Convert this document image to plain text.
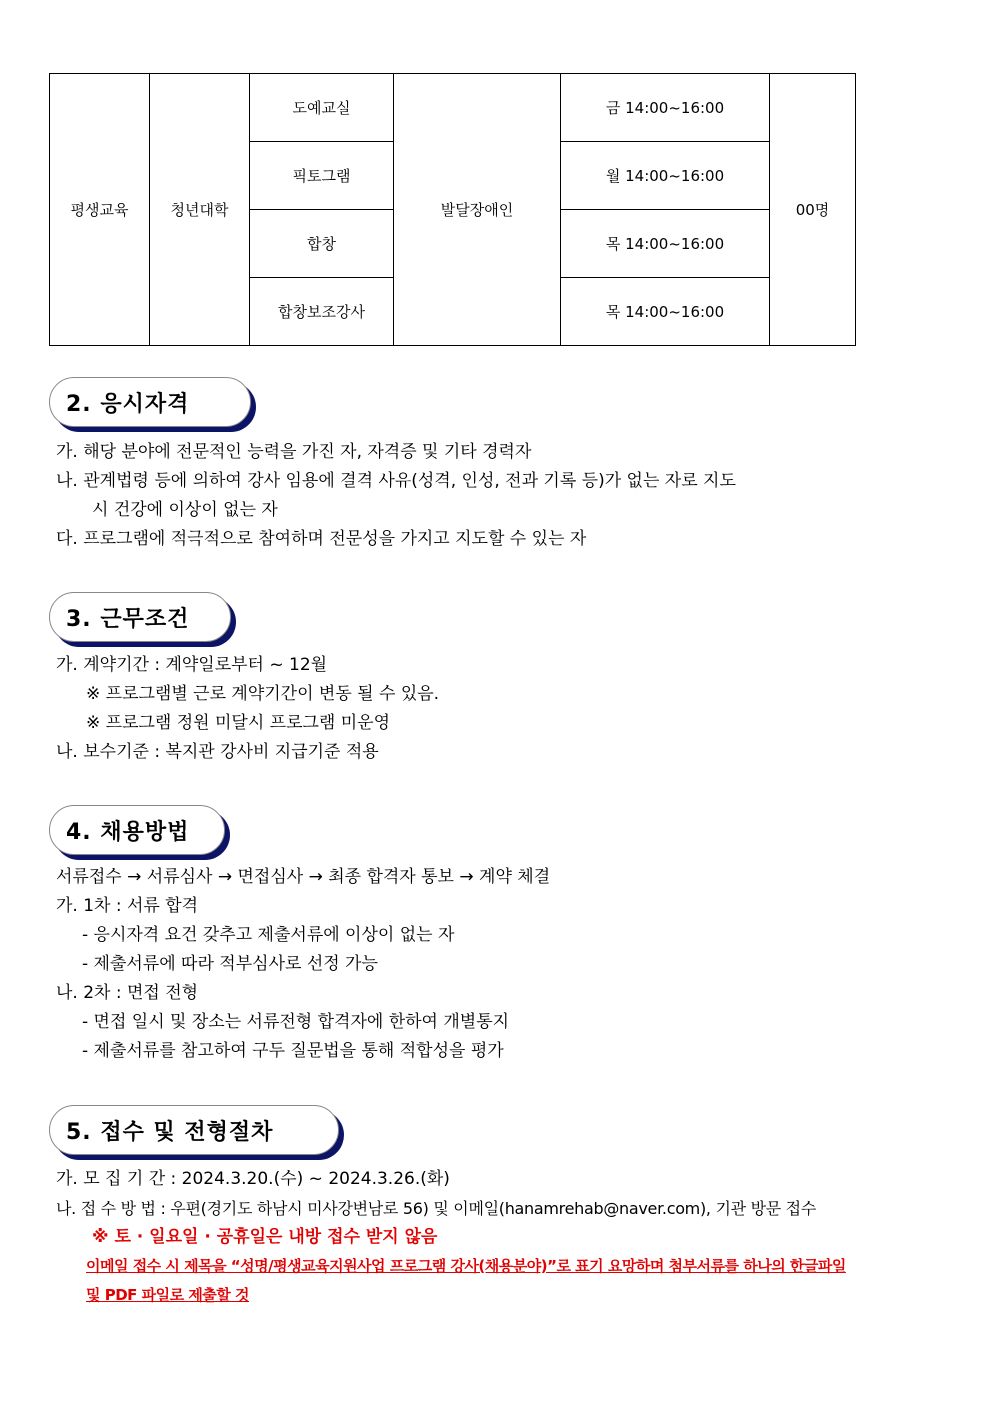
평생교육	청년대학	도예교실	발달장애인	금 14:00~16:00	00명
		픽토그램		월 14:00~16:00	
		합창		목 14:00~16:00	
		합창보조강사		목 14:00~16:00	
2. 응시자격
가. 해당 분야에 전문적인 능력을 가진 자, 자격증 및 기타 경력자
나. 관계법령 등에 의하여 강사 임용에 결격 사유(성격, 인성, 전과 기록 등)가 없는 자로 지도
시 건강에 이상이 없는 자
다. 프로그램에 적극적으로 참여하며 전문성을 가지고 지도할 수 있는 자
3. 근무조건
가. 계약기간 : 계약일로부터 ~ 12월
※ 프로그램별 근로 계약기간이 변동 될 수 있음.
※ 프로그램 정원 미달시 프로그램 미운영
나. 보수기준 : 복지관 강사비 지급기준 적용
4. 채용방법
서류접수 → 서류심사 → 면접심사 → 최종 합격자 통보 → 계약 체결
가. 1차 : 서류 합격
- 응시자격 요건 갖추고 제출서류에 이상이 없는 자
- 제출서류에 따라 적부심사로 선정 가능
나. 2차 : 면접 전형
- 면접 일시 및 장소는 서류전형 합격자에 한하여 개별통지
- 제출서류를 참고하여 구두 질문법을 통해 적합성을 평가
5. 접수 및 전형절차
가. 모 집 기 간 : 2024.3.20.(수) ~ 2024.3.26.(화)
나. 접 수 방 법 : 우편(경기도 하남시 미사강변남로 56) 및 이메일(hanamrehab@naver.com), 기관 방문 접수
※ 토 · 일요일 · 공휴일은 내방 접수 받지 않음
이메일 접수 시 제목을 “성명/평생교육지원사업 프로그램 강사(채용분야)”로 표기 요망하며 첨부서류를 하나의 한글파일
및 PDF 파일로 제출할 것
